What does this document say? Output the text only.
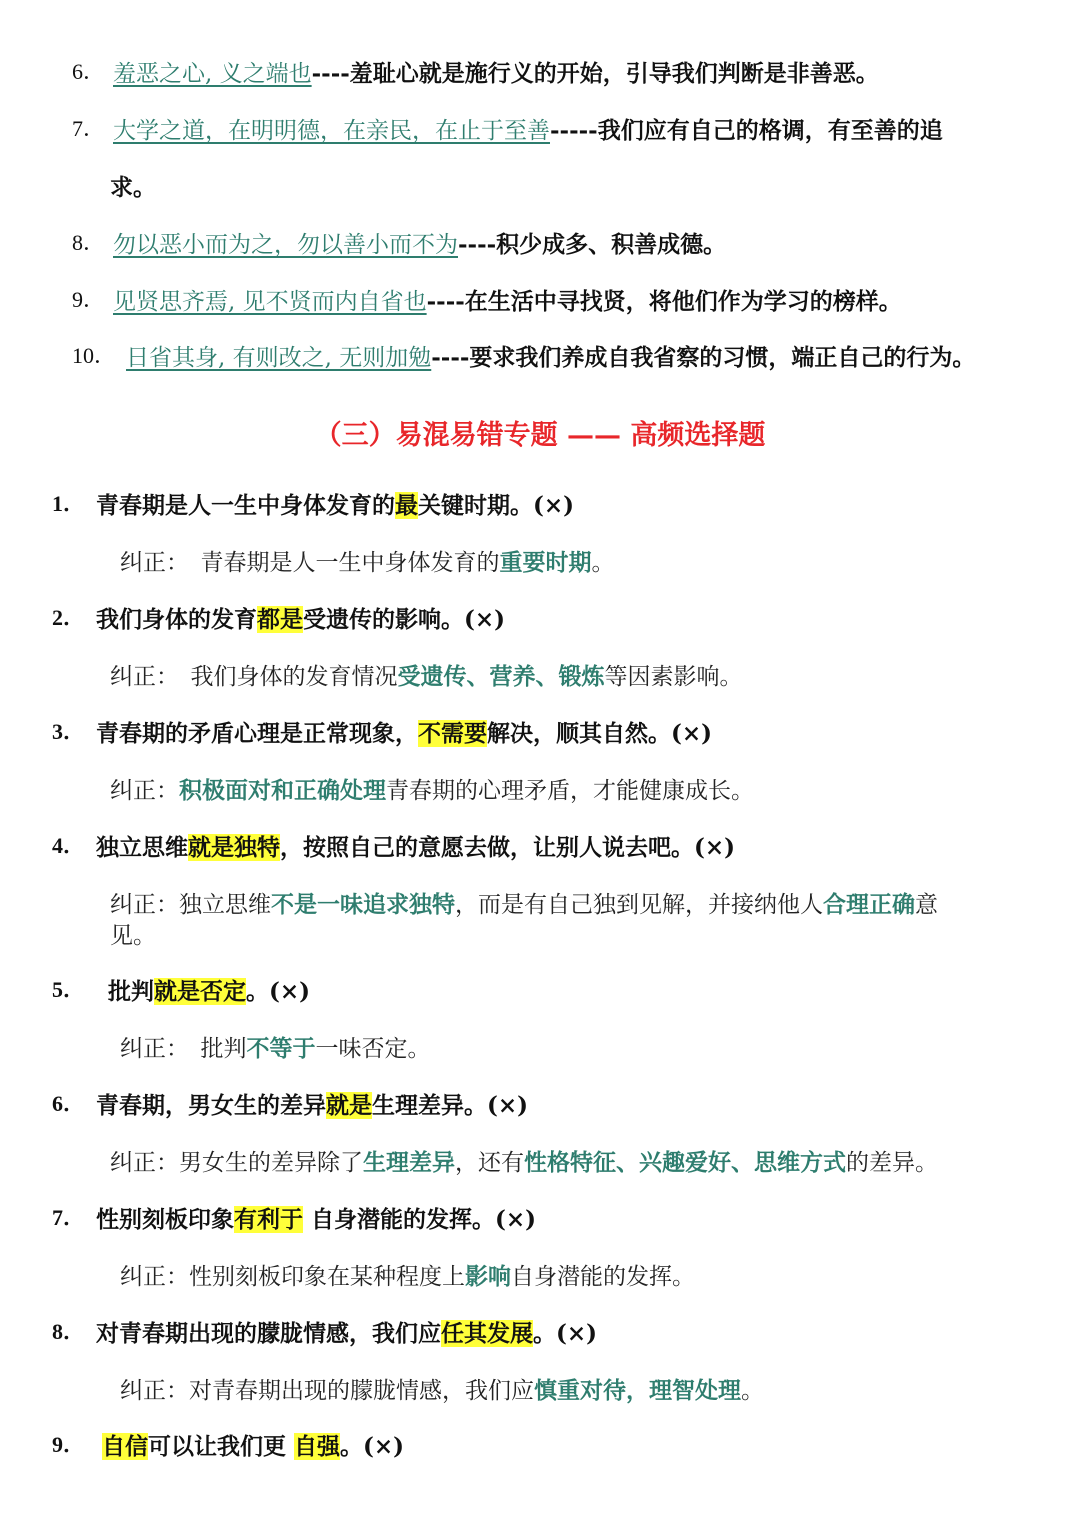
6． 羞恶之心, 义之端也----羞耻心就是施行义的开始，引导我们判断是非善恶。
7． 大学之道，在明明德，在亲民，在止于至善-----我们应有自己的格调，有至善的追
求。
8． 勿以恶小而为之，勿以善小而不为----积少成多、积善成德。
9． 见贤思齐焉, 见不贤而内自省也----在生活中寻找贤，将他们作为学习的榜样。
10． 日省其身, 有则改之, 无则加勉----要求我们养成自我省察的习惯，端正自己的行为。
（三）易混易错专题 —— 高频选择题
1． 青春期是人一生中身体发育的最关键时期。(×)
纠正：　青春期是人一生中身体发育的重要时期。
2． 我们身体的发育都是受遗传的影响。(×)
纠正：　我们身体的发育情况受遗传、营养、锻炼等因素影响。
3． 青春期的矛盾心理是正常现象，不需要解决，顺其自然。(×)
纠正：积极面对和正确处理青春期的心理矛盾，才能健康成长。
4． 独立思维就是独特，按照自己的意愿去做，让别人说去吧。(×)
纠正：独立思维不是一味追求独特，而是有自己独到见解，并接纳他人合理正确意
见。
5． 批判就是否定。(×)
纠正：　批判不等于一味否定。
6． 青春期，男女生的差异就是生理差异。(×)
纠正：男女生的差异除了生理差异，还有性格特征、兴趣爱好、思维方式的差异。
7． 性别刻板印象有利于 自身潜能的发挥。(×)
纠正：性别刻板印象在某种程度上影响自身潜能的发挥。
8． 对青春期出现的朦胧情感，我们应任其发展。(×)
纠正：对青春期出现的朦胧情感，我们应慎重对待，理智处理。
9． 自信可以让我们更 自强。(×)
